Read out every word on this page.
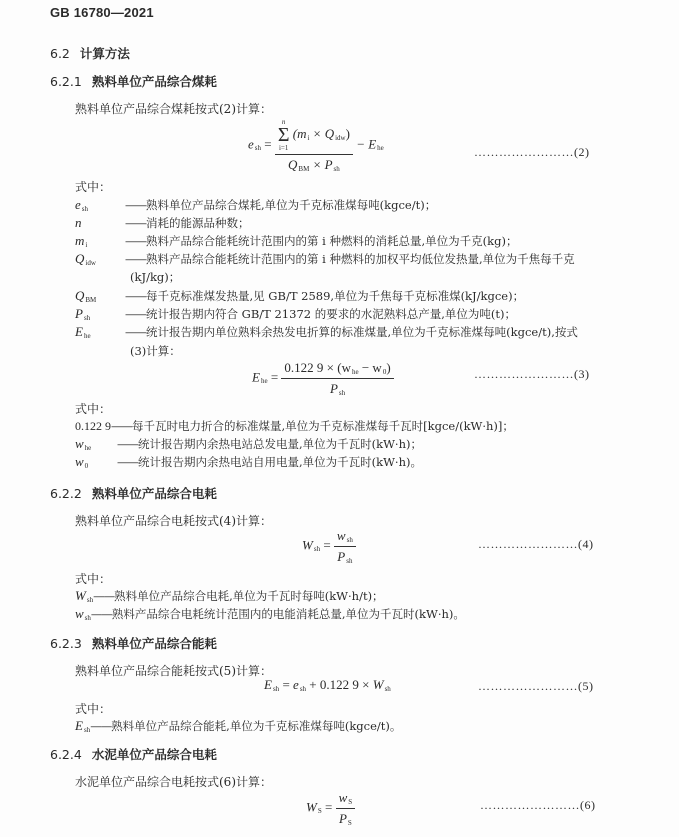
GB 16780—2021
6.2 计算方法
6.2.1 熟料单位产品综合煤耗
熟料单位产品综合煤耗按式(2)计算：
$e_{sh} = n$
Σ
i=1
$(m_i \times Q_{idw})$
$Q_{BM} \times P_{sh} - E_{he}$	……………………(2)
式中：
$e_{sh}$	——熟料单位产品综合煤耗,单位为千克标准煤每吨(kgce/t)；
n	——消耗的能源品种数；
$m_i$	——熟料产品综合能耗统计范围内的第 i 种燃料的消耗总量,单位为千克(kg)；
$Q_{idw}$	——熟料产品综合能耗统计范围内的第 i 种燃料的加权平均低位发热量,单位为千焦每千克
(kJ/kg)；
$Q_{BM}$ ——每千克标准煤发热量,见 GB/T 2589,单位为千焦每千克标准煤(kJ/kgce)；
$P_{sh}$	——统计报告期内符合 GB/T 21372 的要求的水泥熟料总产量,单位为吨(t)；
$E_{he}$	——统计报告期内单位熟料余热发电折算的标准煤量,单位为千克标准煤每吨(kgce/t),按式
(3)计算：
$E_{he} = \frac{0.122 9 \times (w_{he} - w_0)}{P_{sh}}$	……………………(3)
式中：
0.122 9——每千瓦时电力折合的标准煤量,单位为千克标准煤每千瓦时[kgce/(kW·h)]；
$w_{he}$ ——统计报告期内余热电站总发电量,单位为千瓦时(kW·h)；
$w_0$	——统计报告期内余热电站自用电量,单位为千瓦时(kW·h)。
6.2.2 熟料单位产品综合电耗
熟料单位产品综合电耗按式(4)计算：
$W_{sh} = \frac{w_{sh}}{P_{sh}}$	……………………(4)
式中：
$W_{sh}——$熟料单位产品综合电耗,单位为千瓦时每吨(kW·h/t)；
$w_{sh}——$熟料产品综合电耗统计范围内的电能消耗总量,单位为千瓦时(kW·h)。
6.2.3 熟料单位产品综合能耗
熟料单位产品综合能耗按式(5)计算：
$E_{sh} = e_{sh} + 0.122$ $9 \times W_{sh}$	……………………(5)
式中：
$E_{sh}——$熟料单位产品综合能耗,单位为千克标准煤每吨(kgce/t)。
6.2.4 水泥单位产品综合电耗
水泥单位产品综合电耗按式(6)计算：
$W_S = \frac{w_S}{P_S}$	……………………(6)
